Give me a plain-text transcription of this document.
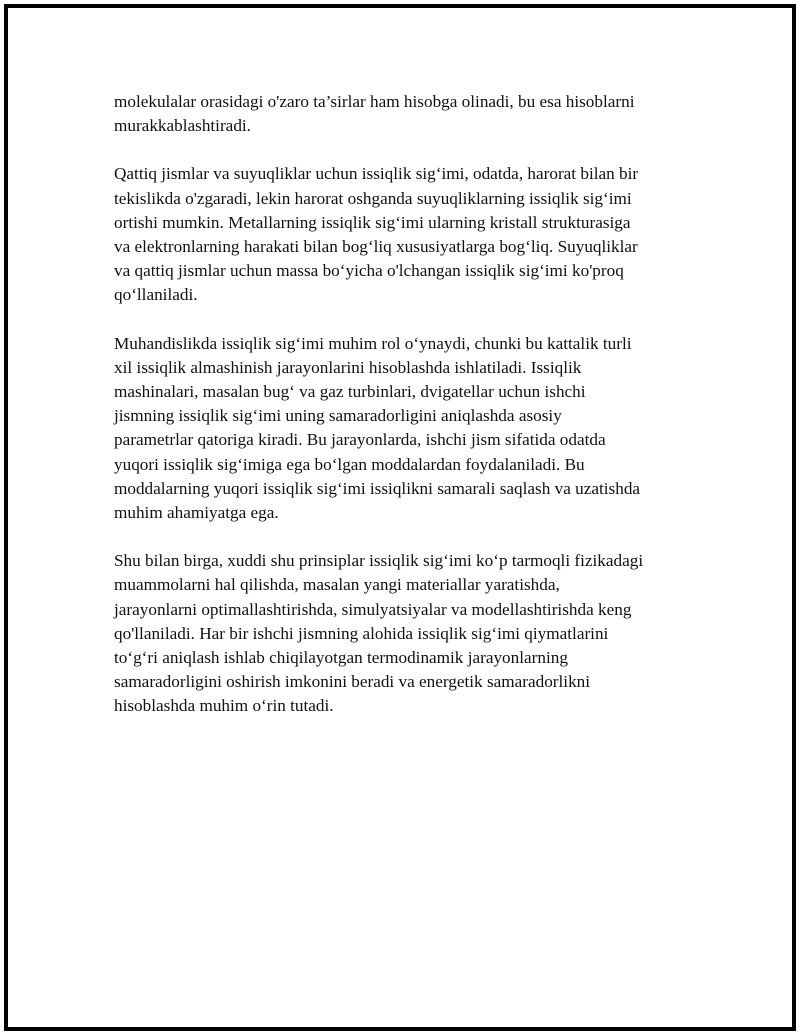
molekulalar orasidagi o'zaro ta’sirlar ham hisobga olinadi, bu esa hisoblarni
murakkablashtiradi.

Qattiq jismlar va suyuqliklar uchun issiqlik sig‘imi, odatda, harorat bilan bir
tekislikda o'zgaradi, lekin harorat oshganda suyuqliklarning issiqlik sig‘imi
ortishi mumkin. Metallarning issiqlik sig‘imi ularning kristall strukturasiga
va elektronlarning harakati bilan bog‘liq xususiyatlarga bog‘liq. Suyuqliklar
va qattiq jismlar uchun massa bo‘yicha o'lchangan issiqlik sig‘imi ko'proq
qo‘llaniladi.

Muhandislikda issiqlik sig‘imi muhim rol o‘ynaydi, chunki bu kattalik turli
xil issiqlik almashinish jarayonlarini hisoblashda ishlatiladi. Issiqlik
mashinalari, masalan bug‘ va gaz turbinlari, dvigatellar uchun ishchi
jismning issiqlik sig‘imi uning samaradorligini aniqlashda asosiy
parametrlar qatoriga kiradi. Bu jarayonlarda, ishchi jism sifatida odatda
yuqori issiqlik sig‘imiga ega bo‘lgan moddalardan foydalaniladi. Bu
moddalarning yuqori issiqlik sig‘imi issiqlikni samarali saqlash va uzatishda
muhim ahamiyatga ega.

Shu bilan birga, xuddi shu prinsiplar issiqlik sig‘imi ko‘p tarmoqli fizikadagi
muammolarni hal qilishda, masalan yangi materiallar yaratishda,
jarayonlarni optimallashtirishda, simulyatsiyalar va modellashtirishda keng
qo'llaniladi. Har bir ishchi jismning alohida issiqlik sig‘imi qiymatlarini
to‘g‘ri aniqlash ishlab chiqilayotgan termodinamik jarayonlarning
samaradorligini oshirish imkonini beradi va energetik samaradorlikni
hisoblashda muhim o‘rin tutadi.
